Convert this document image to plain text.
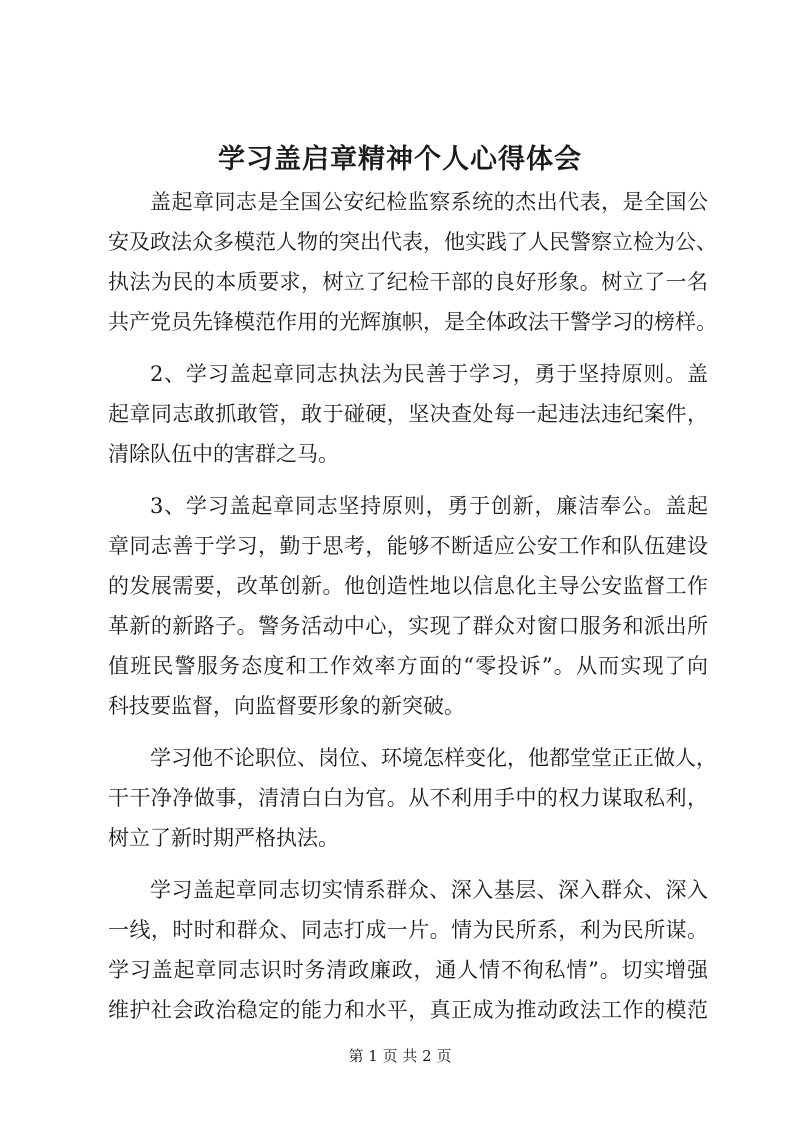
学习盖启章精神个人心得体会
盖起章同志是全国公安纪检监察系统的杰出代表，是全国公
安及政法众多模范人物的突出代表，他实践了人民警察立检为公、
执法为民的本质要求，树立了纪检干部的良好形象。树立了一名
共产党员先锋模范作用的光辉旗帜，是全体政法干警学习的榜样。
2、学习盖起章同志执法为民善于学习，勇于坚持原则。盖
起章同志敢抓敢管，敢于碰硬，坚决查处每一起违法违纪案件，
清除队伍中的害群之马。
3、学习盖起章同志坚持原则，勇于创新，廉洁奉公。盖起
章同志善于学习，勤于思考，能够不断适应公安工作和队伍建设
的发展需要，改革创新。他创造性地以信息化主导公安监督工作
革新的新路子。警务活动中心，实现了群众对窗口服务和派出所
值班民警服务态度和工作效率方面的“零投诉”。从而实现了向
科技要监督，向监督要形象的新突破。
学习他不论职位、岗位、环境怎样变化，他都堂堂正正做人，
干干净净做事，清清白白为官。从不利用手中的权力谋取私利，
树立了新时期严格执法。
学习盖起章同志切实情系群众、深入基层、深入群众、深入
一线，时时和群众、同志打成一片。情为民所系，利为民所谋。
学习盖起章同志识时务清政廉政，通人情不徇私情”。切实增强
维护社会政治稳定的能力和水平，真正成为推动政法工作的模范
第 1 页 共 2 页
